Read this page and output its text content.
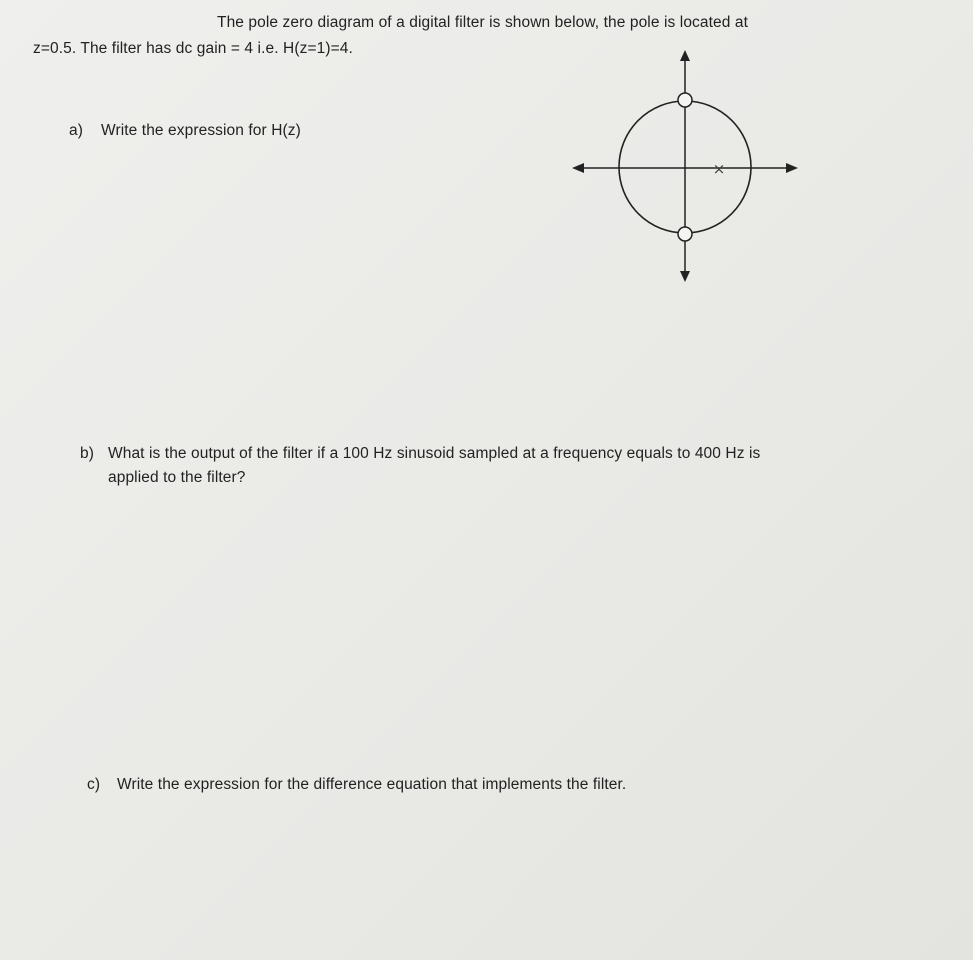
The pole zero diagram of a digital filter is shown below, the pole is located at
z=0.5. The filter has dc gain = 4 i.e. H(z=1)=4.
a) Write the expression for H(z)
×
b) What is the output of the filter if a 100 Hz sinusoid sampled at a frequency equals to 400 Hz is
applied to the filter?
c) Write the expression for the difference equation that implements the filter.
